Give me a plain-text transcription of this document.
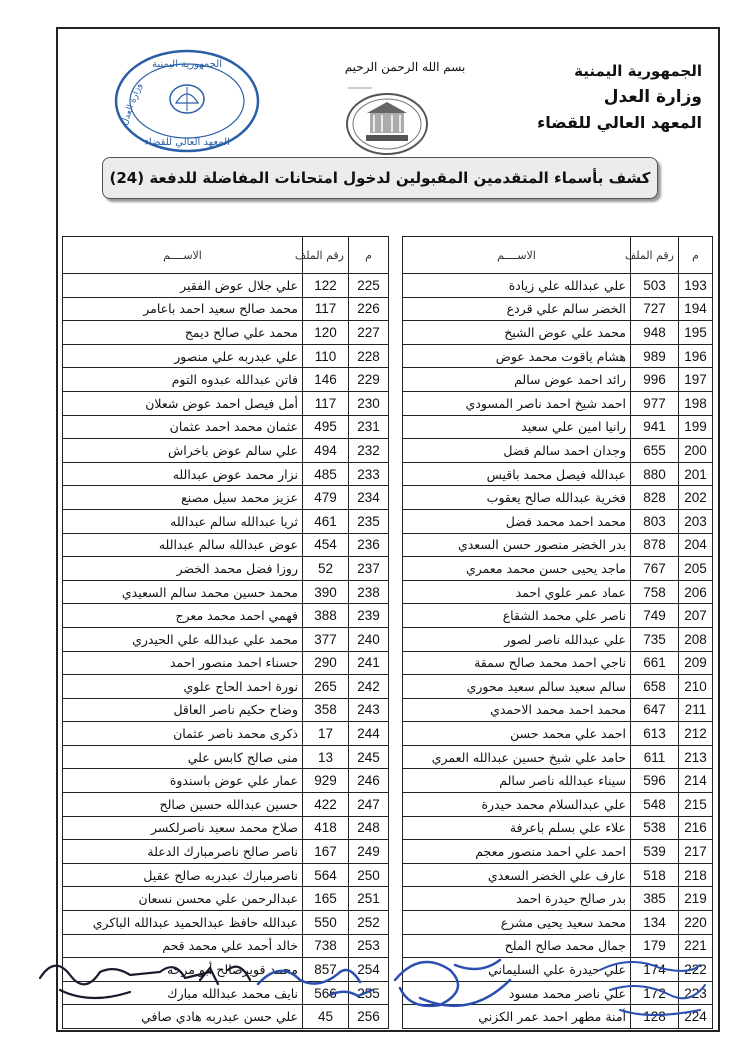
الجمهورية اليمنية
وزارة العدل
المعهد العالي للقضاء
بسم الله الرحمن الرحيم
الجمهورية اليمنية
وزارة العدل
المعهد العالي للقضاء
كشف بأسماء المتقدمين المقبولين لدخول امتحانات المفاضلة للدفعة (24)
م	رقم الملف	الاســــم		م	رقم الملف	الاســــم
193	503	علي عبدالله علي زيادة		225	122	علي جلال عوض الفقير
194	727	الخضر سالم علي قردع		226	117	محمد صالح سعيد احمد باعامر
195	948	محمد علي عوض الشيخ		227	120	محمد علي صالح ديمح
196	989	هشام ياقوت محمد عوض		228	110	علي عبدربه علي منصور
197	996	رائد احمد عوض سالم		229	146	فاتن عبدالله عبدوه التوم
198	977	احمد شيخ احمد ناصر المسودي		230	117	أمل فيصل احمد عوض شعلان
199	941	رانيا امين علي سعيد		231	495	عثمان محمد احمد عثمان
200	655	وجدان احمد سالم فضل		232	494	علي سالم عوض باخراش
201	880	عبدالله فيصل محمد باقيس		233	485	نزار محمد عوض عبدالله
202	828	فخرية عبدالله صالح يعقوب		234	479	عزيز محمد سيل مصنع
203	803	محمد احمد محمد فضل		235	461	ثريا عبدالله سالم عبدالله
204	878	بدر الخضر منصور حسن السعدي		236	454	عوض عبدالله سالم عبدالله
205	767	ماجد يحيى حسن محمد معمري		237	52	روزا فضل محمد الخضر
206	758	عماد عمر علوي احمد		238	390	محمد حسين محمد سالم السعيدي
207	749	ناصر علي محمد الشقاع		239	388	فهمي احمد محمد معرج
208	735	علي عبدالله ناصر لصور		240	377	محمد علي عبدالله علي الحيدري
209	661	ناجي احمد محمد صالح سمقة		241	290	حسناء احمد منصور احمد
210	658	سالم سعيد سالم سعيد محوري		242	265	نورة احمد الحاج علوي
211	647	محمد احمد محمد الاحمدي		243	358	وضاح حكيم ناصر العاقل
212	613	احمد علي محمد حسن		244	17	ذكرى محمد ناصر عثمان
213	611	حامد علي شيخ حسين عبدالله العمري		245	13	منى صالح كابس علي
214	596	سيناء عبدالله ناصر سالم		246	929	عمار علي عوض باسندوة
215	548	علي عبدالسلام محمد حيدرة		247	422	حسين عبدالله حسين صالح
216	538	علاء علي بسلم باعرفة		248	418	صلاح محمد سعيد ناصرلكسر
217	539	احمد علي احمد منصور معجم		249	167	ناصر صالح ناصرمبارك الدعلة
218	518	عارف علي الخضر السعدي		250	564	ناصرمبارك عبدربه صالح عقيل
219	385	بدر صالح حيدرة احمد		251	165	عبدالرحمن علي محسن نسعان
220	134	محمد سعيد يحيى مشرع		252	550	عبدالله حافظ عبدالحميد عبدالله الباكري
221	179	جمال محمد صالح الملح		253	738	خالد أحمد علي محمد قحم
222	174	علي حيدرة علي السليماني		254	857	محمد قويرصالح أبو مرحه
223	172	علي ناصر محمد مسود		255	566	نايف محمد عبدالله مبارك
224	128	أمنة مطهر احمد عمر الكزني		256	45	علي حسن عبدربه هادي صافي
